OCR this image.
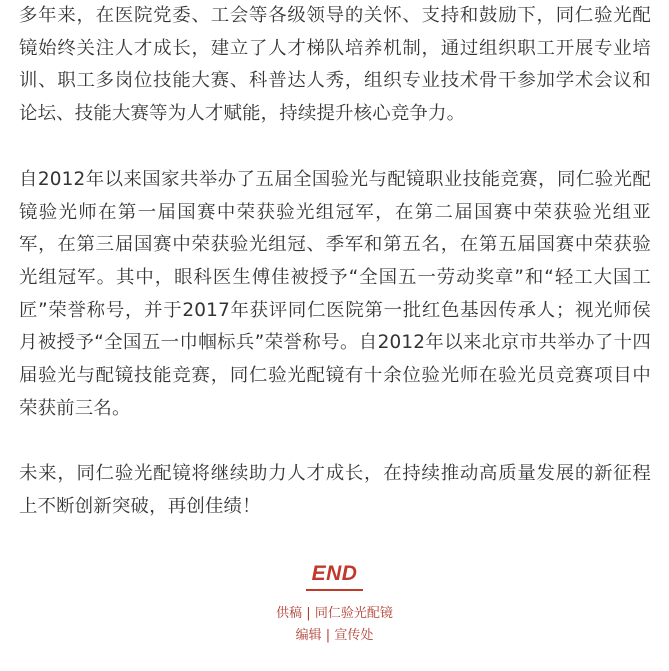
多年来，在医院党委、工会等各级领导的关怀、支持和鼓励下，同仁验光配镜始终关注人才成长，建立了人才梯队培养机制，通过组织职工开展专业培训、职工多岗位技能大赛、科普达人秀，组织专业技术骨干参加学术会议和论坛、技能大赛等为人才赋能，持续提升核心竞争力。

自2012年以来国家共举办了五届全国验光与配镜职业技能竞赛，同仁验光配镜验光师在第一届国赛中荣获验光组冠军，在第二届国赛中荣获验光组亚军，在第三届国赛中荣获验光组冠、季军和第五名，在第五届国赛中荣获验光组冠军。其中，眼科医生傅佳被授予“全国五一劳动奖章”和“轻工大国工匠”荣誉称号，并于2017年获评同仁医院第一批红色基因传承人；视光师侯月被授予“全国五一巾帼标兵”荣誉称号。自2012年以来北京市共举办了十四届验光与配镜技能竞赛，同仁验光配镜有十余位验光师在验光员竞赛项目中荣获前三名。

未来，同仁验光配镜将继续助力人才成长，在持续推动高质量发展的新征程上不断创新突破，再创佳绩！

END
供稿 | 同仁验光配镜
编辑 | 宣传处
